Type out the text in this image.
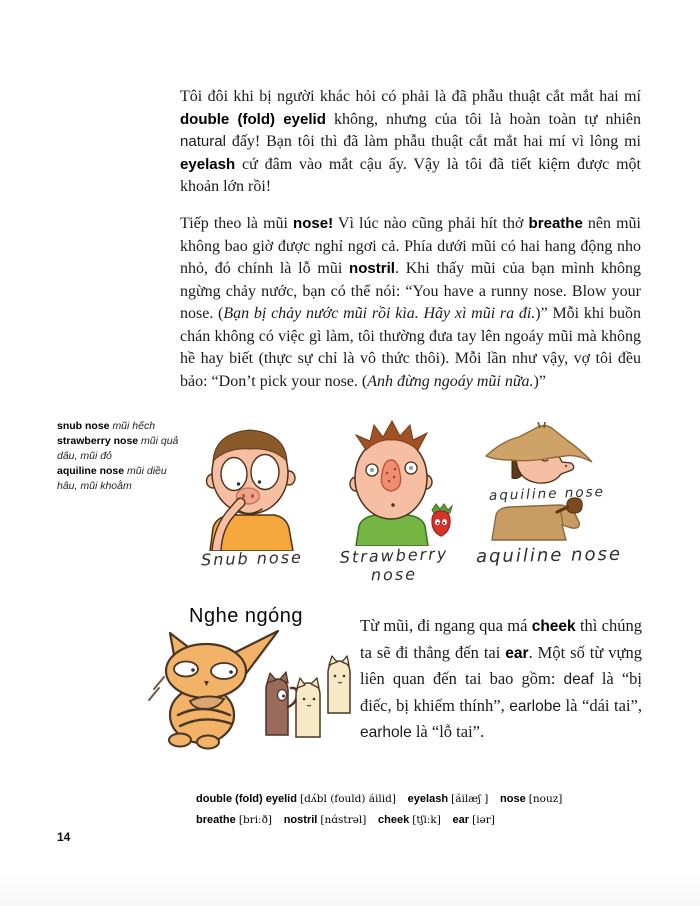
Tôi đôi khi bị người khác hỏi có phải là đã phẫu thuật cắt mắt hai mí double (fold) eyelid không, nhưng của tôi là hoàn toàn tự nhiên natural đấy! Bạn tôi thì đã làm phẫu thuật cắt mắt hai mí vì lông mi eyelash cứ đâm vào mắt cậu ấy. Vậy là tôi đã tiết kiệm được một khoản lớn rồi!
Tiếp theo là mũi nose! Vì lúc nào cũng phải hít thở breathe nên mũi không bao giờ được nghỉ ngơi cả. Phía dưới mũi có hai hang động nho nhỏ, đó chính là lỗ mũi nostril. Khi thấy mũi của bạn mình không ngừng chảy nước, bạn có thể nói: “You have a runny nose. Blow your nose. (Bạn bị chảy nước mũi rồi kìa. Hãy xì mũi ra đi.)” Mỗi khi buồn chán không có việc gì làm, tôi thường đưa tay lên ngoáy mũi mà không hề hay biết (thực sự chỉ là vô thức thôi). Mỗi lần như vậy, vợ tôi đều bảo: “Don’t pick your nose. (Anh đừng ngoáy mũi nữa.)”
snub nose mũi hếch
strawberry nose mũi quả
dâu, mũi đỏ
aquiline nose mũi diều
hâu, mũi khoằm
Snub nose	Strawberry
nose
aquiline nose
aquiline nose
Nghe ngóng	Từ mũi, đi ngang qua má cheek thì chúng ta sẽ đi thẳng đến tai ear. Một số từ vựng liên quan đến tai bao gồm: deaf là “bị điếc, bị khiếm thính”, earlobe là “dái tai”, earhole là “lỗ tai”.
double (fold) eyelid [dʌ́bl (fould) áilid] eyelash [áilæʃ ] nose [nouz]
breathe [briːð] nostril [nɑ́strəl] cheek [tʃiːk] ear [iər]
14
